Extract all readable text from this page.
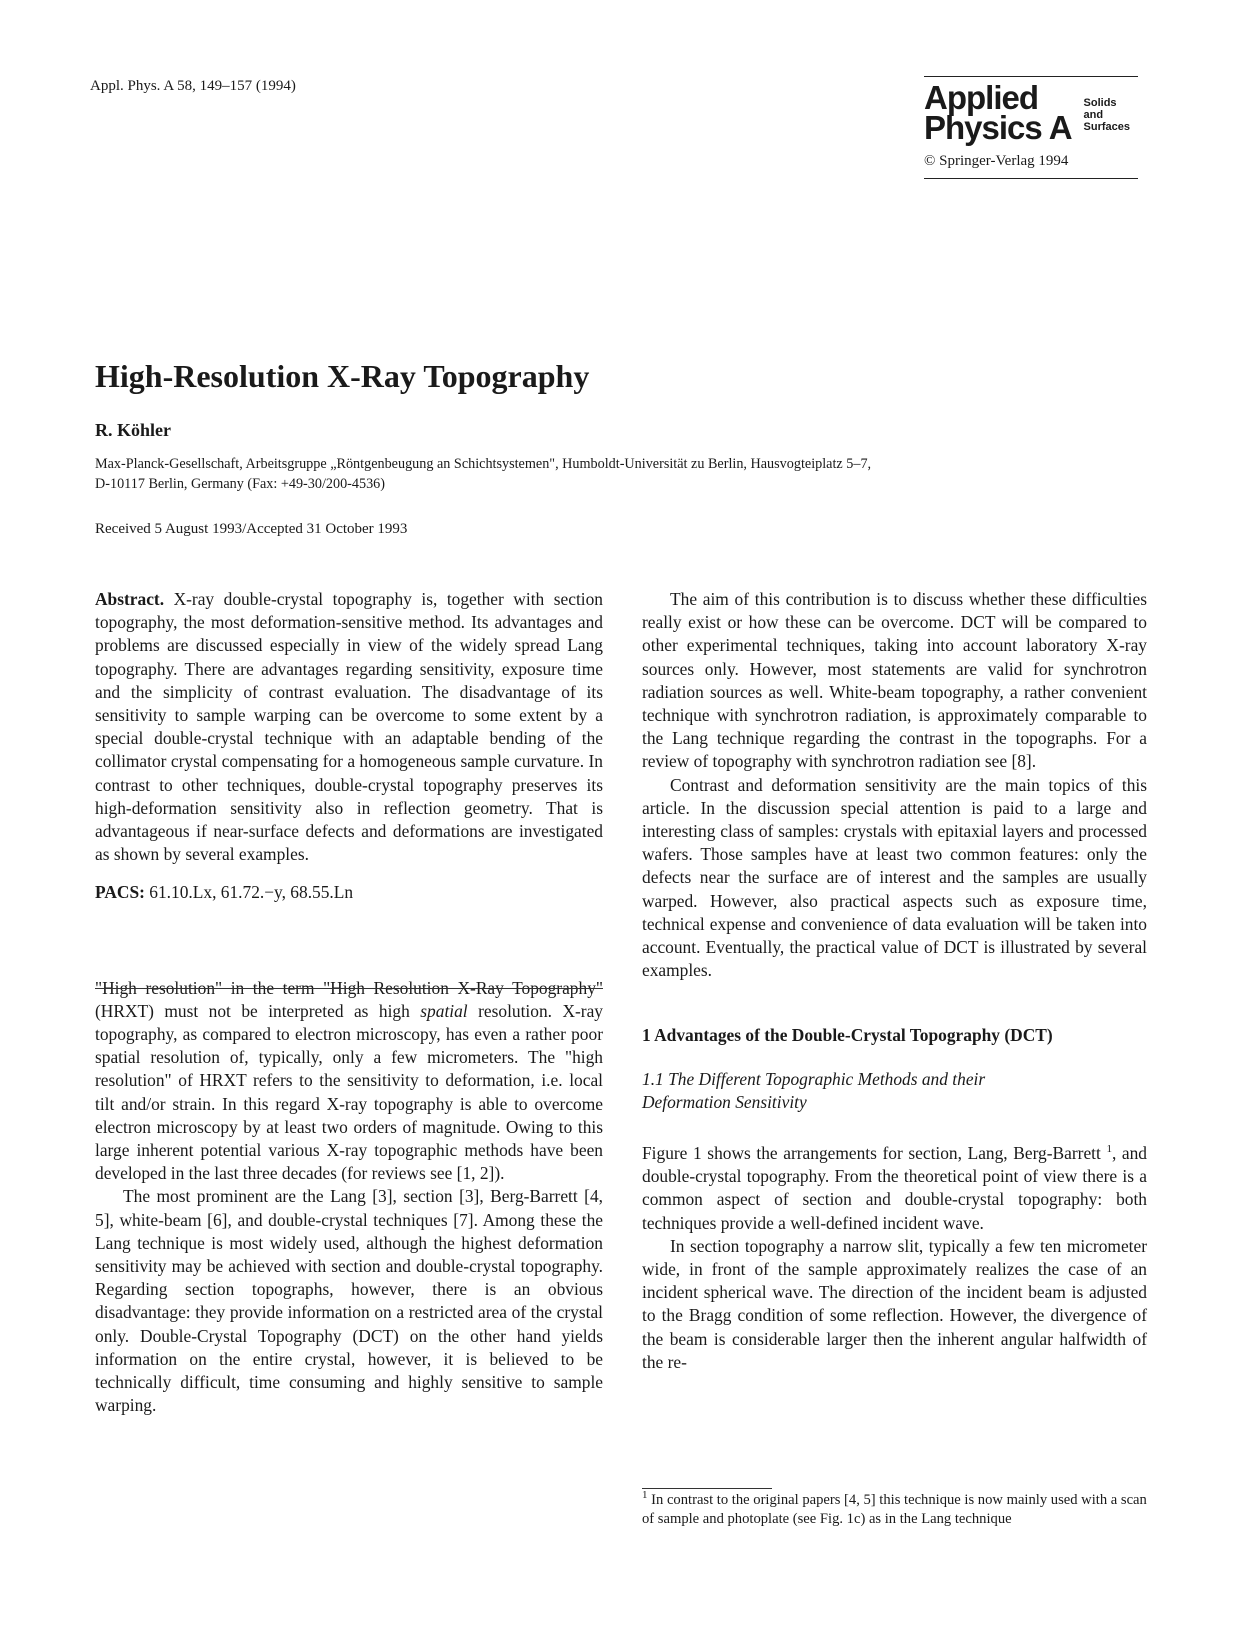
Appl. Phys. A 58, 149–157 (1994)	Applied
Physics A
Solids
and
Surfaces
© Springer-Verlag 1994
High-Resolution X-Ray Topography
R. Köhler
Max-Planck-Gesellschaft, Arbeitsgruppe „Röntgenbeugung an Schichtsystemen", Humboldt-Universität zu Berlin, Hausvogteiplatz 5–7,
D-10117 Berlin, Germany (Fax: +49-30/200-4536)
Received 5 August 1993/Accepted 31 October 1993

Abstract. X-ray double-crystal topography is, together with section topography, the most deformation-sensitive method. Its advantages and problems are discussed especially in view of the widely spread Lang topography. There are advantages regarding sensitivity, exposure time and the simplicity of contrast evaluation. The disadvantage of its sensitivity to sample warping can be overcome to some extent by a special double-crystal technique with an adaptable bending of the collimator crystal compensating for a homogeneous sample curvature. In contrast to other techniques, double-crystal topography preserves its high-deformation sensitivity also in reflection geometry. That is advantageous if near-surface defects and deformations are investigated as shown by several examples.

PACS: 61.10.Lx, 61.72.−y, 68.55.Ln

"High resolution" in the term "High Resolution X-Ray Topography" (HRXT) must not be interpreted as high spatial resolution. X-ray topography, as compared to electron microscopy, has even a rather poor spatial resolution of, typically, only a few micrometers. The "high resolution" of HRXT refers to the sensitivity to deformation, i.e. local tilt and/or strain. In this regard X-ray topography is able to overcome electron microscopy by at least two orders of magnitude. Owing to this large inherent potential various X-ray topographic methods have been developed in the last three decades (for reviews see [1, 2]).

The most prominent are the Lang [3], section [3], Berg-Barrett [4, 5], white-beam [6], and double-crystal techniques [7]. Among these the Lang technique is most widely used, although the highest deformation sensitivity may be achieved with section and double-crystal topography. Regarding section topographs, however, there is an obvious disadvantage: they provide information on a restricted area of the crystal only. Double-Crystal Topography (DCT) on the other hand yields information on the entire crystal, however, it is believed to be technically difficult, time consuming and highly sensitive to sample warping.

The aim of this contribution is to discuss whether these difficulties really exist or how these can be overcome. DCT will be compared to other experimental techniques, taking into account laboratory X-ray sources only. However, most statements are valid for synchrotron radiation sources as well. White-beam topography, a rather convenient technique with synchrotron radiation, is approximately comparable to the Lang technique regarding the contrast in the topographs. For a review of topography with synchrotron radiation see [8].

Contrast and deformation sensitivity are the main topics of this article. In the discussion special attention is paid to a large and interesting class of samples: crystals with epitaxial layers and processed wafers. Those samples have at least two common features: only the defects near the surface are of interest and the samples are usually warped. However, also practical aspects such as exposure time, technical expense and convenience of data evaluation will be taken into account. Eventually, the practical value of DCT is illustrated by several examples.

1 Advantages of the Double-Crystal Topography (DCT)

1.1 The Different Topographic Methods and their
Deformation Sensitivity

Figure 1 shows the arrangements for section, Lang, Berg-Barrett $^1$, and double-crystal topography. From the theoretical point of view there is a common aspect of section and double-crystal topography: both techniques provide a well-defined incident wave.

In section topography a narrow slit, typically a few ten micrometer wide, in front of the sample approximately realizes the case of an incident spherical wave. The direction of the incident beam is adjusted to the Bragg condition of some reflection. However, the divergence of the beam is considerable larger then the inherent angular halfwidth of the re-

$^1$ In contrast to the original papers [4, 5] this technique is now mainly used with a scan of sample and photoplate (see Fig. 1c) as in the Lang technique
